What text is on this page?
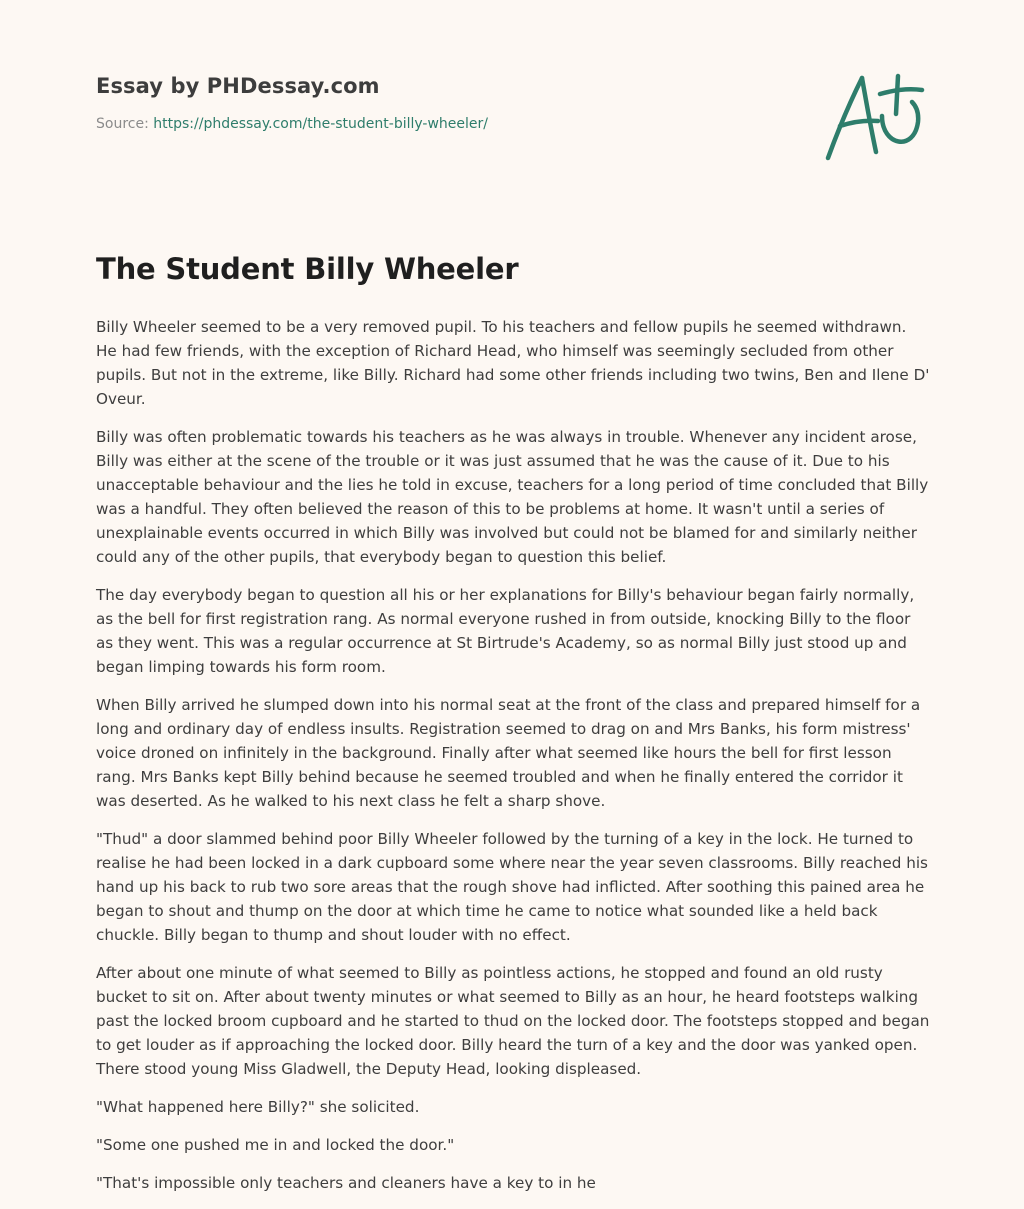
Essay by PHDessay.com
Source: https://phdessay.com/the-student-billy-wheeler/
The Student Billy Wheeler

Billy Wheeler seemed to be a very removed pupil. To his teachers and fellow pupils he seemed withdrawn. He had few friends, with the exception of Richard Head, who himself was seemingly secluded from other pupils. But not in the extreme, like Billy. Richard had some other friends including two twins, Ben and Ilene D' Oveur.

Billy was often problematic towards his teachers as he was always in trouble. Whenever any incident arose, Billy was either at the scene of the trouble or it was just assumed that he was the cause of it. Due to his unacceptable behaviour and the lies he told in excuse, teachers for a long period of time concluded that Billy was a handful. They often believed the reason of this to be problems at home. It wasn't until a series of unexplainable events occurred in which Billy was involved but could not be blamed for and similarly neither could any of the other pupils, that everybody began to question this belief.

The day everybody began to question all his or her explanations for Billy's behaviour began fairly normally, as the bell for first registration rang. As normal everyone rushed in from outside, knocking Billy to the floor as they went. This was a regular occurrence at St Birtrude's Academy, so as normal Billy just stood up and began limping towards his form room.

When Billy arrived he slumped down into his normal seat at the front of the class and prepared himself for a long and ordinary day of endless insults. Registration seemed to drag on and Mrs Banks, his form mistress' voice droned on infinitely in the background. Finally after what seemed like hours the bell for first lesson rang. Mrs Banks kept Billy behind because he seemed troubled and when he finally entered the corridor it was deserted. As he walked to his next class he felt a sharp shove.

"Thud" a door slammed behind poor Billy Wheeler followed by the turning of a key in the lock. He turned to realise he had been locked in a dark cupboard some where near the year seven classrooms. Billy reached his hand up his back to rub two sore areas that the rough shove had inflicted. After soothing this pained area he began to shout and thump on the door at which time he came to notice what sounded like a held back chuckle. Billy began to thump and shout louder with no effect.

After about one minute of what seemed to Billy as pointless actions, he stopped and found an old rusty bucket to sit on. After about twenty minutes or what seemed to Billy as an hour, he heard footsteps walking past the locked broom cupboard and he started to thud on the locked door. The footsteps stopped and began to get louder as if approaching the locked door. Billy heard the turn of a key and the door was yanked open. There stood young Miss Gladwell, the Deputy Head, looking displeased.

"What happened here Billy?" she solicited.

"Some one pushed me in and locked the door."

"That's impossible only teachers and cleaners have a key to in he
